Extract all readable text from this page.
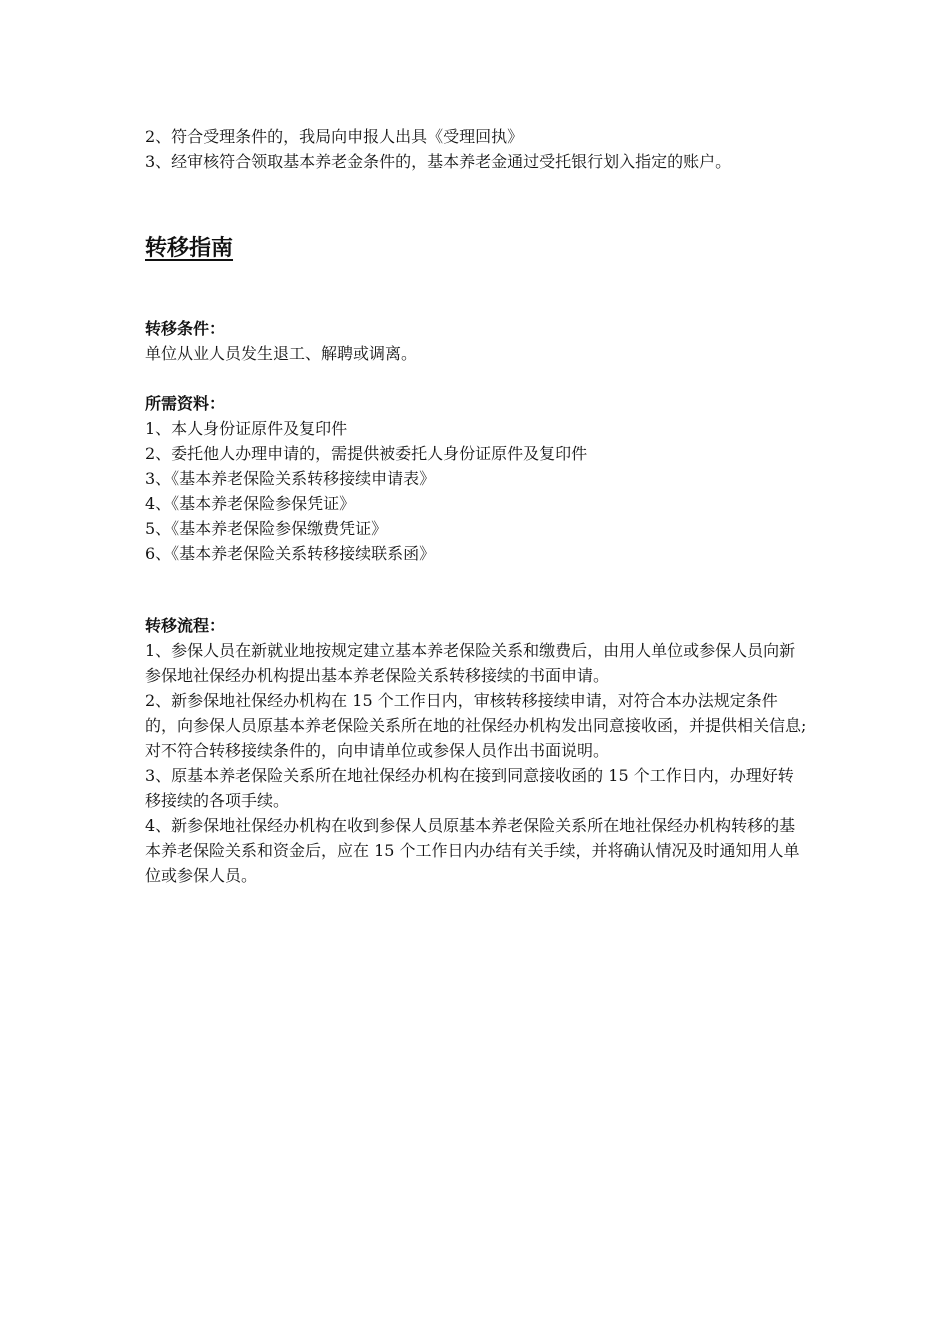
2、符合受理条件的，我局向申报人出具《受理回执》

3、经审核符合领取基本养老金条件的，基本养老金通过受托银行划入指定的账户。

转移指南

转移条件：

单位从业人员发生退工、解聘或调离。

所需资料：

1、本人身份证原件及复印件
2、委托他人办理申请的，需提供被委托人身份证原件及复印件
3、《基本养老保险关系转移接续申请表》
4、《基本养老保险参保凭证》
5、《基本养老保险参保缴费凭证》
6、《基本养老保险关系转移接续联系函》

转移流程：

1、参保人员在新就业地按规定建立基本养老保险关系和缴费后，由用人单位或参保人员向新参保地社保经办机构提出基本养老保险关系转移接续的书面申请。
2、新参保地社保经办机构在 15 个工作日内，审核转移接续申请，对符合本办法规定条件的，向参保人员原基本养老保险关系所在地的社保经办机构发出同意接收函，并提供相关信息;对不符合转移接续条件的，向申请单位或参保人员作出书面说明。
3、原基本养老保险关系所在地社保经办机构在接到同意接收函的 15 个工作日内，办理好转移接续的各项手续。
4、新参保地社保经办机构在收到参保人员原基本养老保险关系所在地社保经办机构转移的基本养老保险关系和资金后，应在 15 个工作日内办结有关手续，并将确认情况及时通知用人单位或参保人员。
